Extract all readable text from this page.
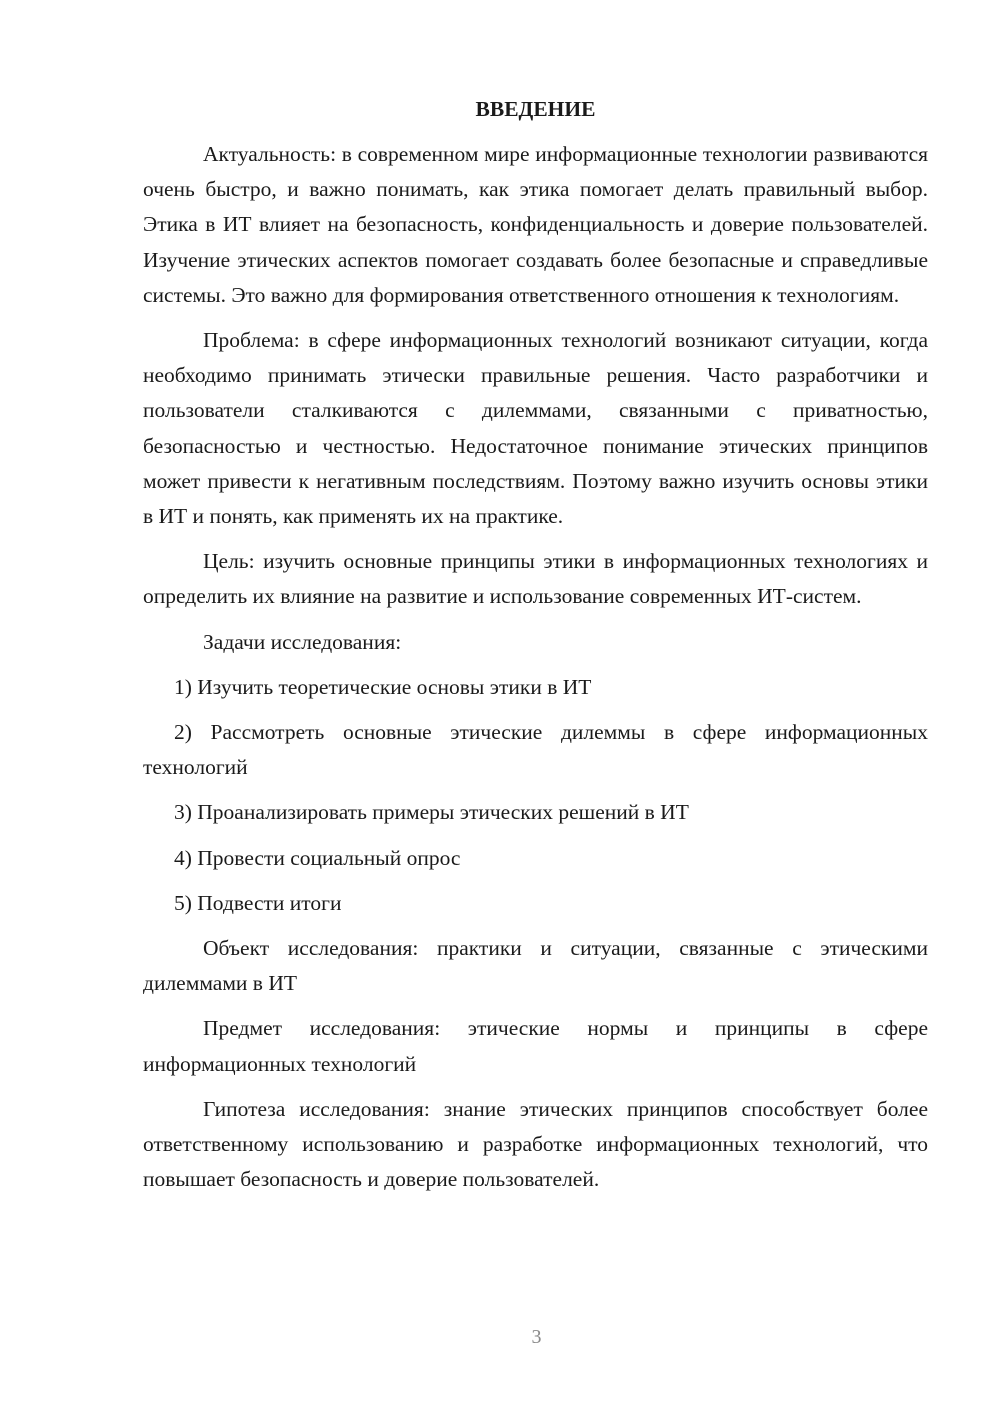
ВВЕДЕНИЕ

Актуальность: в современном мире информационные технологии развиваются очень быстро, и важно понимать, как этика помогает делать правильный выбор. Этика в ИТ влияет на безопасность, конфиденциальность и доверие пользователей. Изучение этических аспектов помогает создавать более безопасные и справедливые системы. Это важно для формирования ответственного отношения к технологиям.

Проблема: в сфере информационных технологий возникают ситуации, когда необходимо принимать этически правильные решения. Часто разработчики и пользователи сталкиваются с дилеммами, связанными с приватностью, безопасностью и честностью. Недостаточное понимание этических принципов может привести к негативным последствиям. Поэтому важно изучить основы этики в ИТ и понять, как применять их на практике.

Цель: изучить основные принципы этики в информационных технологиях и определить их влияние на развитие и использование современных ИТ-систем.

Задачи исследования:

1) Изучить теоретические основы этики в ИТ

2) Рассмотреть основные этические дилеммы в сфере информационных технологий

3) Проанализировать примеры этических решений в ИТ

4) Провести социальный опрос

5) Подвести итоги

Объект исследования: практики и ситуации, связанные с этическими дилеммами в ИТ

Предмет исследования: этические нормы и принципы в сфере информационных технологий

Гипотеза исследования: знание этических принципов способствует более ответственному использованию и разработке информационных технологий, что повышает безопасность и доверие пользователей.

3
